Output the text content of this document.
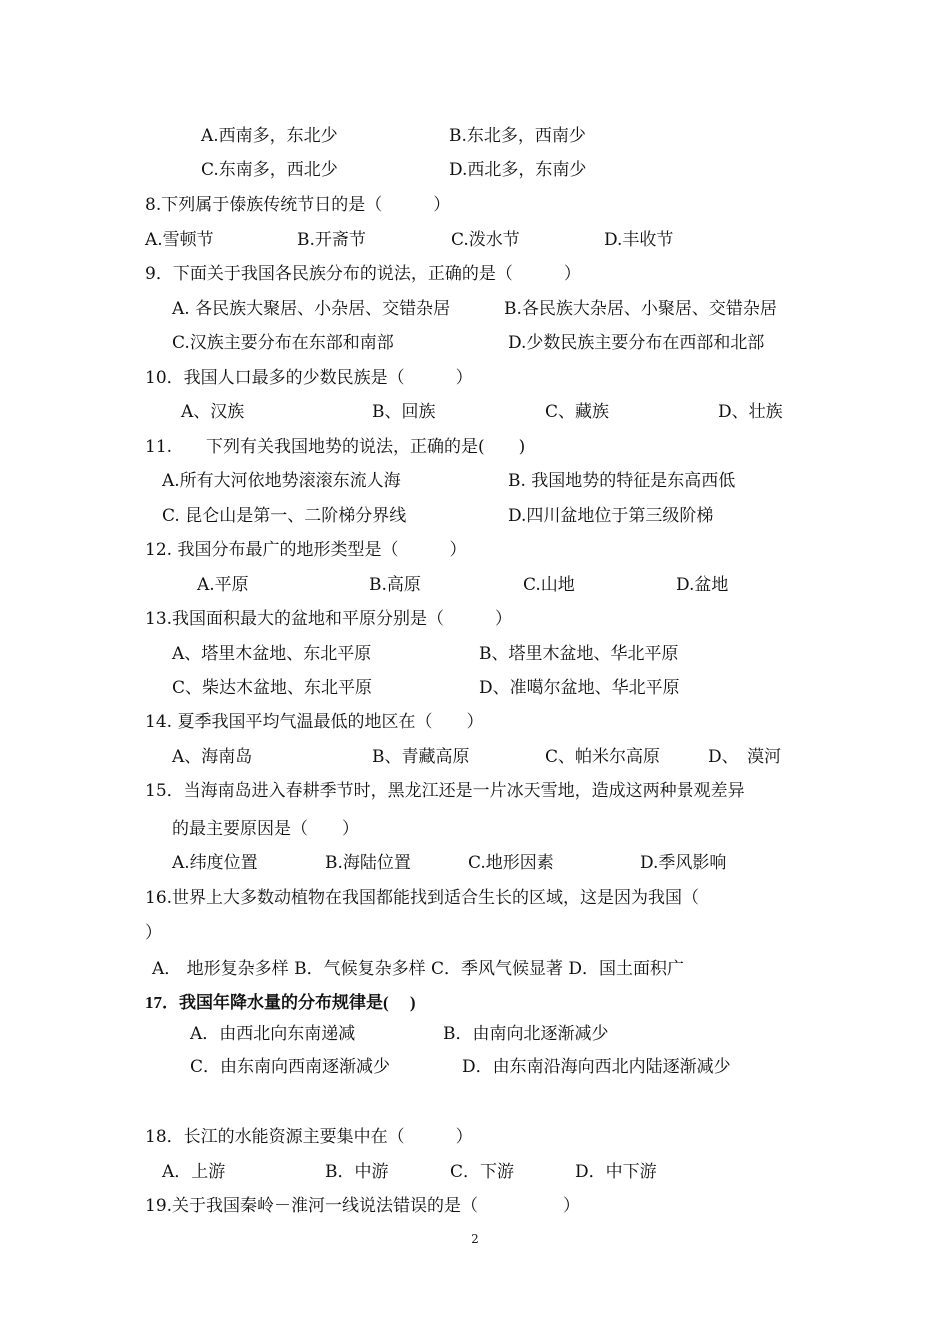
A.西南多，东北少	B.东北多，西南少
C.东南多，西北少	D.西北多，东南少
8.下列属于傣族传统节日的是（　　　）
A.雪顿节	B.开斋节	C.泼水节	D.丰收节
9．下面关于我国各民族分布的说法，正确的是（　　　）
A. 各民族大聚居、小杂居、交错杂居	B.各民族大杂居、小聚居、交错杂居
C.汉族主要分布在东部和南部	D.少数民族主要分布在西部和北部
10．我国人口最多的少数民族是（　　　）
A、汉族	B、回族	C、藏族	D、壮族
11.　　下列有关我国地势的说法，正确的是(　　)
A.所有大河依地势滚滚东流人海	B. 我国地势的特征是东高西低
C. 昆仑山是第一、二阶梯分界线	D.四川盆地位于第三级阶梯
12. 我国分布最广的地形类型是（　　　）
A.平原	B.高原	C.山地	D.盆地
13.我国面积最大的盆地和平原分别是（　　　）
A、塔里木盆地、东北平原	B、塔里木盆地、华北平原
C、柴达木盆地、东北平原	D、准噶尔盆地、华北平原
14. 夏季我国平均气温最低的地区在（　　）
A、海南岛	B、青藏高原	C、帕米尔高原	D、　漠河
15．当海南岛进入春耕季节时，黑龙江还是一片冰天雪地，造成这两种景观差异
的最主要原因是（　　）
A.纬度位置	B.海陆位置	C.地形因素	D.季风影响
16.世界上大多数动植物在我国都能找到适合生长的区域，这是因为我国（
）
A． 地形复杂多样 B．气候复杂多样 C．季风气候显著 D．国土面积广
17．我国年降水量的分布规律是(　 )
A．由西北向东南递减	B．由南向北逐渐减少
C．由东南向西南逐渐减少	D．由东南沿海向西北内陆逐渐减少
18．长江的水能资源主要集中在（　　　）
A．上游	B．中游	C．下游	D．中下游
19.关于我国秦岭－淮河一线说法错误的是（　　　　　）
2
